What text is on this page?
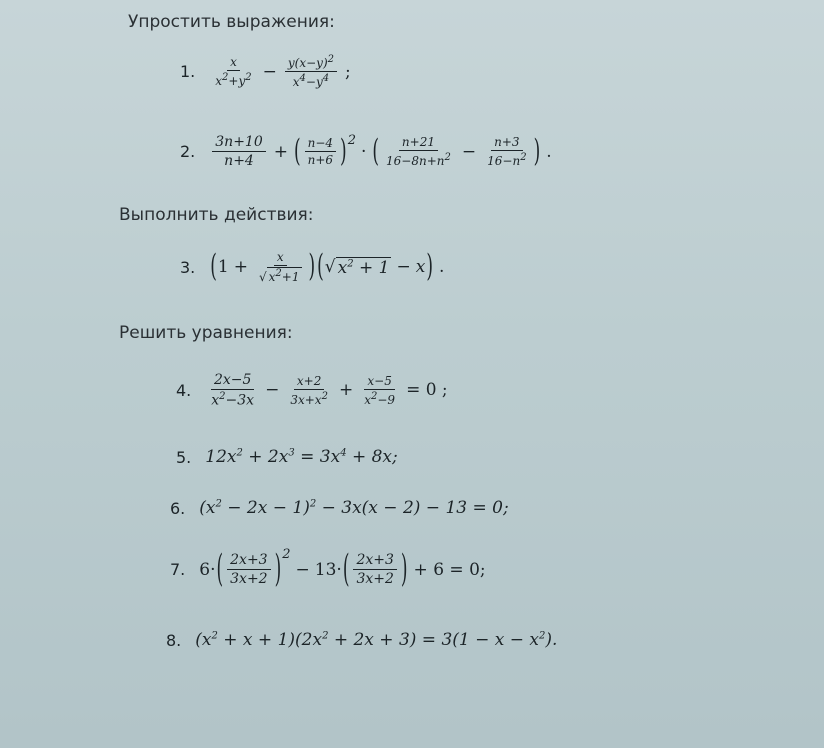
Упростить выражения:
1. $\frac{x}{x^2+y^2} - \frac{y(x-y)^2}{x^4-y^4}$ ;
2. $\frac{3n+10}{n+4}$ + ( $\frac{n-4}{n+6} )^2$
· ( $\frac{n+21}{16-8n+n^2} - \frac{n+3}{16-n^2}$ ) .
Выполнить действия:
3. ( $1 + \frac{x}{√ x^2+1}$ ) ( √ $x^2 + 1 - x$ ) .
Решить уравнения:
4. $\frac{2x-5}{x^2-3x} - \frac{x+2}{3x+x^2} + \frac{x-5}{x^2-9} = 0$ ;
5. $12x^2 + 2x^3 = 3x^4 + 8x$;
6. $(x^2 - 2x - 1)^2 - 3x(x - 2) - 13 = 0$;
7. 6· ( $\frac{2x+3}{3x+2} )^2$
− 13· ( $\frac{2x+3}{3x+2}$ ) + 6 = 0;
8. $(x^2 + x + 1)(2x^2 + 2x + 3) = 3(1 - x - x^2)$.
